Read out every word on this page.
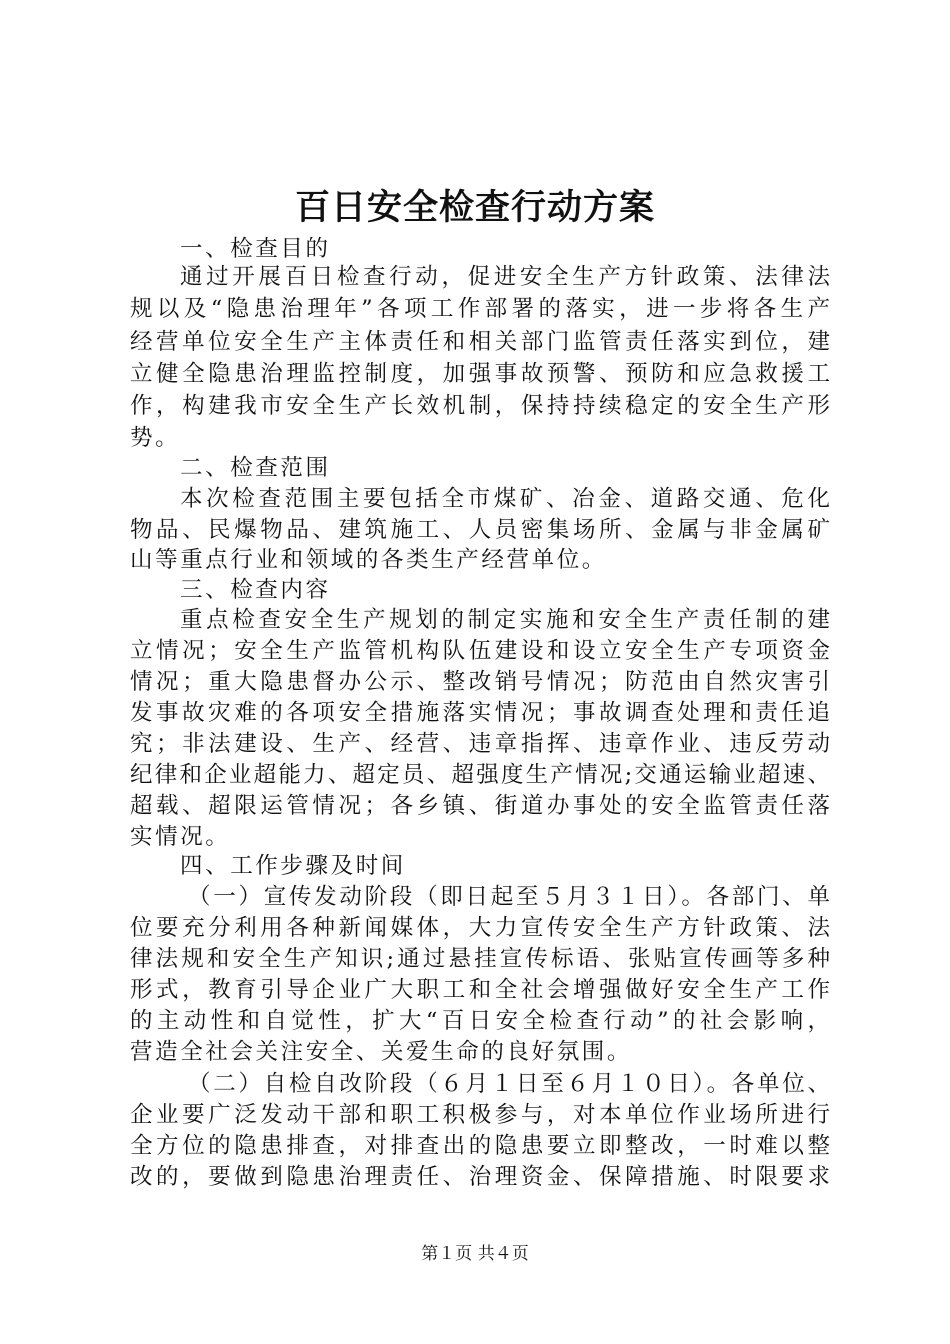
百日安全检查行动方案
一、检查目的
通过开展百日检查行动，促进安全生产方针政策、法律法
规以及“隐患治理年”各项工作部署的落实，进一步将各生产
经营单位安全生产主体责任和相关部门监管责任落实到位，建
立健全隐患治理监控制度，加强事故预警、预防和应急救援工
作，构建我市安全生产长效机制，保持持续稳定的安全生产形
势。
二、检查范围
本次检查范围主要包括全市煤矿、冶金、道路交通、危化
物品、民爆物品、建筑施工、人员密集场所、金属与非金属矿
山等重点行业和领域的各类生产经营单位。
三、检查内容
重点检查安全生产规划的制定实施和安全生产责任制的建
立情况；安全生产监管机构队伍建设和设立安全生产专项资金
情况；重大隐患督办公示、整改销号情况；防范由自然灾害引
发事故灾难的各项安全措施落实情况；事故调查处理和责任追
究；非法建设、生产、经营、违章指挥、违章作业、违反劳动
纪律和企业超能力、超定员、超强度生产情况;交通运输业超速、
超载、超限运管情况；各乡镇、街道办事处的安全监管责任落
实情况。
四、工作步骤及时间
（一）宣传发动阶段（即日起至５月３１日）。各部门、单
位要充分利用各种新闻媒体，大力宣传安全生产方针政策、法
律法规和安全生产知识;通过悬挂宣传标语、张贴宣传画等多种
形式，教育引导企业广大职工和全社会增强做好安全生产工作
的主动性和自觉性，扩大“百日安全检查行动”的社会影响，
营造全社会关注安全、关爱生命的良好氛围。
（二）自检自改阶段（６月１日至６月１０日）。各单位、
企业要广泛发动干部和职工积极参与，对本单位作业场所进行
全方位的隐患排查，对排查出的隐患要立即整改，一时难以整
改的，要做到隐患治理责任、治理资金、保障措施、时限要求
第１页 共４页
